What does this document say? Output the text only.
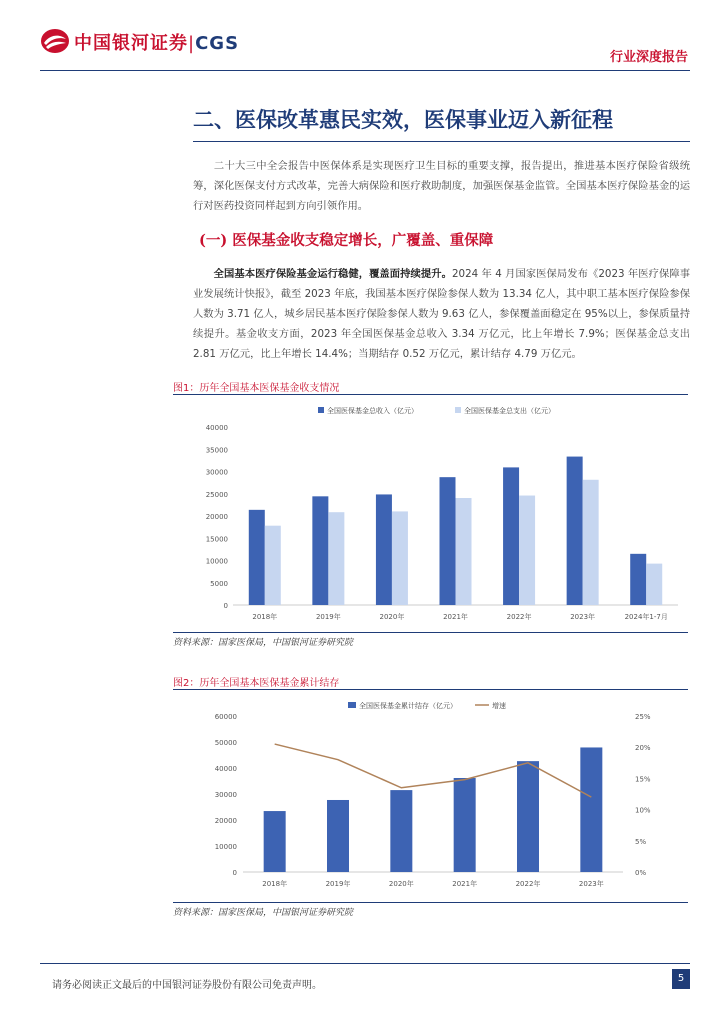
中国银河证券|CGS
行业深度报告
二、医保改革惠民实效，医保事业迈入新征程
  二十大三中全会报告中医保体系是实现医疗卫生目标的重要支撑，报告提出，推进基本医疗保险省级统筹，深化医保支付方式改革，完善大病保险和医疗救助制度，加强医保基金监管。全国基本医疗保险基金的运行对医药投资同样起到方向引领作用。
(一) 医保基金收支稳定增长，广覆盖、重保障
  全国基本医疗保险基金运行稳健，覆盖面持续提升。2024 年 4 月国家医保局发布《2023 年医疗保障事业发展统计快报》，截至 2023 年底，我国基本医疗保险参保人数为 13.34 亿人，其中职工基本医疗保险参保人数为 3.71 亿人，城乡居民基本医疗保险参保人数为 9.63 亿人，参保覆盖面稳定在 95%以上，参保质量持续提升。基金收支方面，2023 年全国医保基金总收入 3.34 万亿元，比上年增长 7.9%；医保基金总支出 2.81 万亿元，比上年增长 14.4%；当期结存 0.52 万亿元，累计结存 4.79 万亿元。
图1：历年全国基本医保基金收支情况
0
5000
10000
15000
20000
25000
30000
35000
40000
2018年	2019年	2020年	2021年	2022年	2023年	2024年1-7月
全国医保基金总收入（亿元）	全国医保基金总支出（亿元）
资料来源：国家医保局，中国银河证券研究院
图2：历年全国基本医保基金累计结存
0
10000
20000
30000
40000
50000
60000
0%
5%
10%
15%
20%
25%
2018年	2019年	2020年	2021年	2022年	2023年
全国医保基金累计结存（亿元）	增速
资料来源：国家医保局，中国银河证券研究院
请务必阅读正文最后的中国银河证券股份有限公司免责声明。
5
